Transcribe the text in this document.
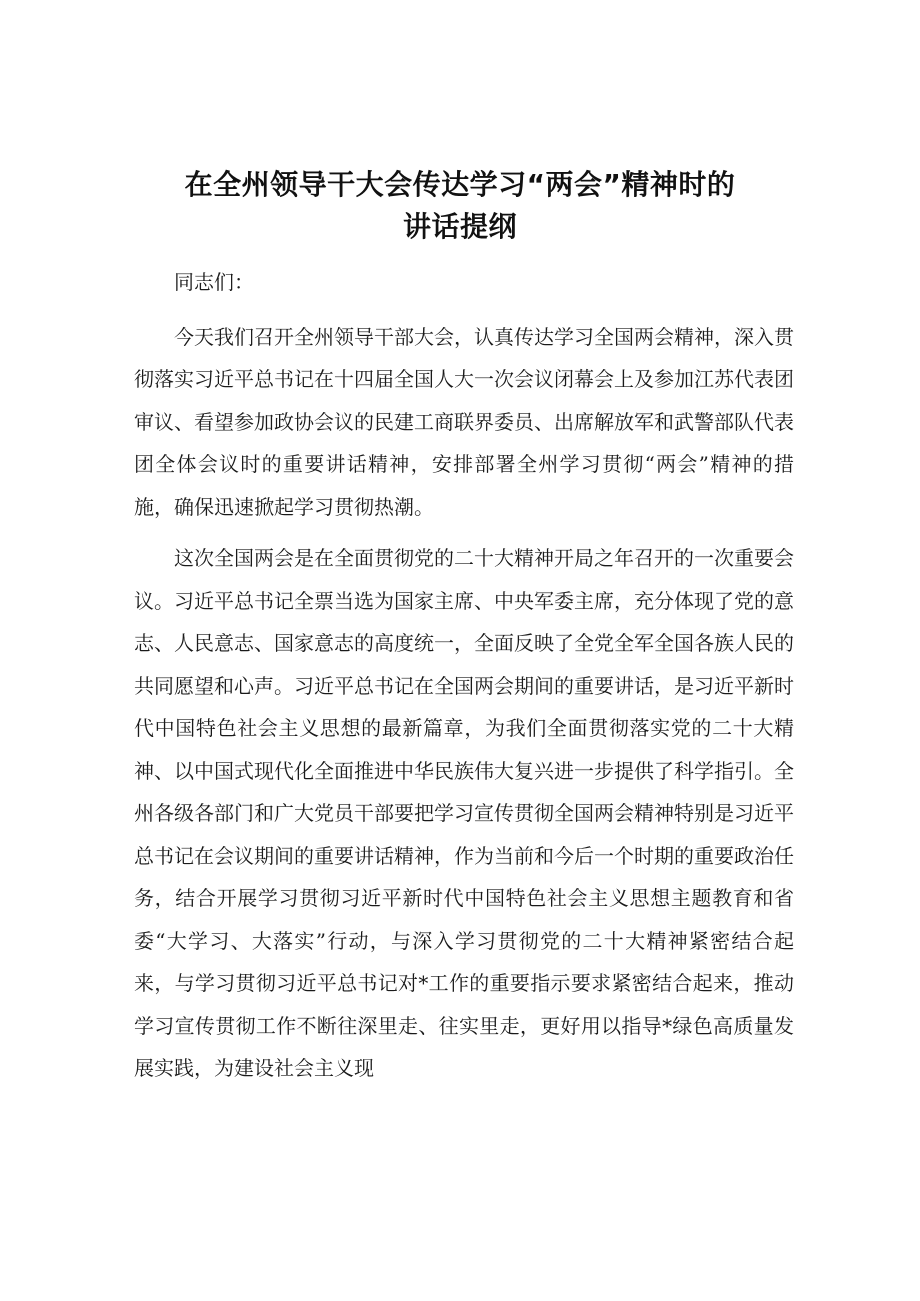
在全州领导干大会传达学习“两会”精神时的
讲话提纲

同志们：

今天我们召开全州领导干部大会，认真传达学习全国两会精神，深入贯彻落实习近平总书记在十四届全国人大一次会议闭幕会上及参加江苏代表团审议、看望参加政协会议的民建工商联界委员、出席解放军和武警部队代表团全体会议时的重要讲话精神，安排部署全州学习贯彻“两会”精神的措施，确保迅速掀起学习贯彻热潮。

这次全国两会是在全面贯彻党的二十大精神开局之年召开的一次重要会议。习近平总书记全票当选为国家主席、中央军委主席，充分体现了党的意志、人民意志、国家意志的高度统一，全面反映了全党全军全国各族人民的共同愿望和心声。习近平总书记在全国两会期间的重要讲话，是习近平新时代中国特色社会主义思想的最新篇章，为我们全面贯彻落实党的二十大精神、以中国式现代化全面推进中华民族伟大复兴进一步提供了科学指引。全州各级各部门和广大党员干部要把学习宣传贯彻全国两会精神特别是习近平总书记在会议期间的重要讲话精神，作为当前和今后一个时期的重要政治任务，结合开展学习贯彻习近平新时代中国特色社会主义思想主题教育和省委“大学习、大落实”行动，与深入学习贯彻党的二十大精神紧密结合起来，与学习贯彻习近平总书记对*工作的重要指示要求紧密结合起来，推动学习宣传贯彻工作不断往深里走、往实里走，更好用以指导*绿色高质量发展实践，为建设社会主义现
